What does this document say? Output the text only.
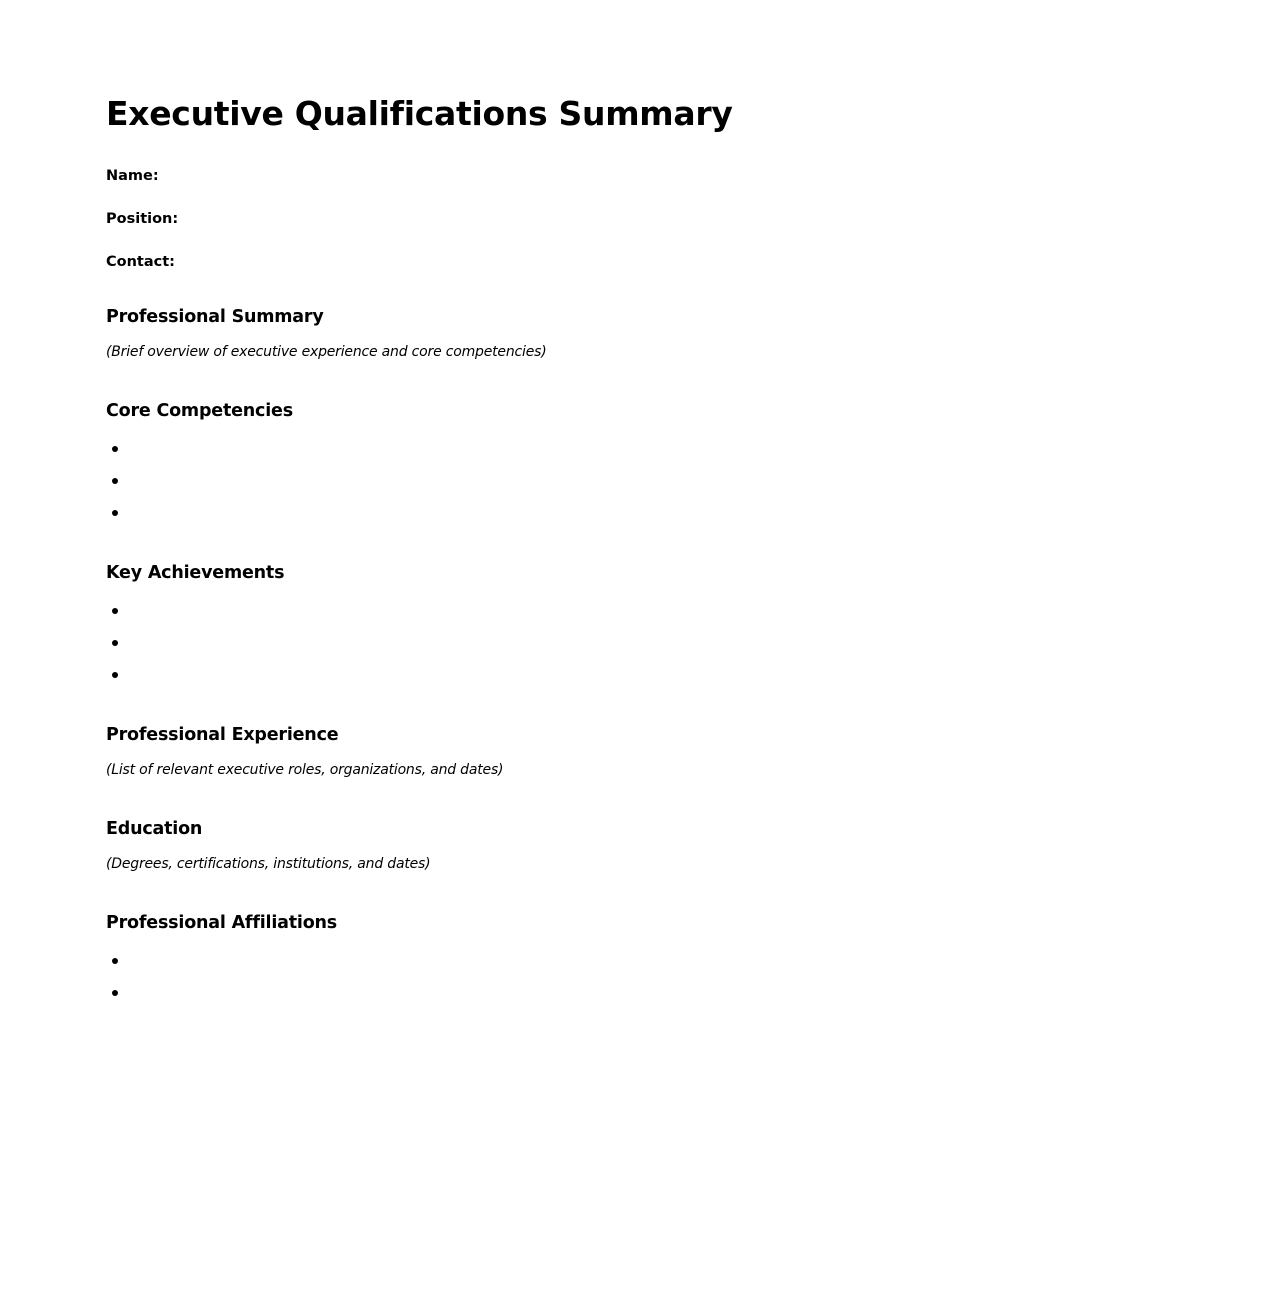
Executive Qualifications Summary

Name:

Position:

Contact:

Professional Summary

(Brief overview of executive experience and core competencies)

Core Competencies
Key Achievements
Professional Experience

(List of relevant executive roles, organizations, and dates)

Education

(Degrees, certifications, institutions, and dates)

Professional Affiliations
